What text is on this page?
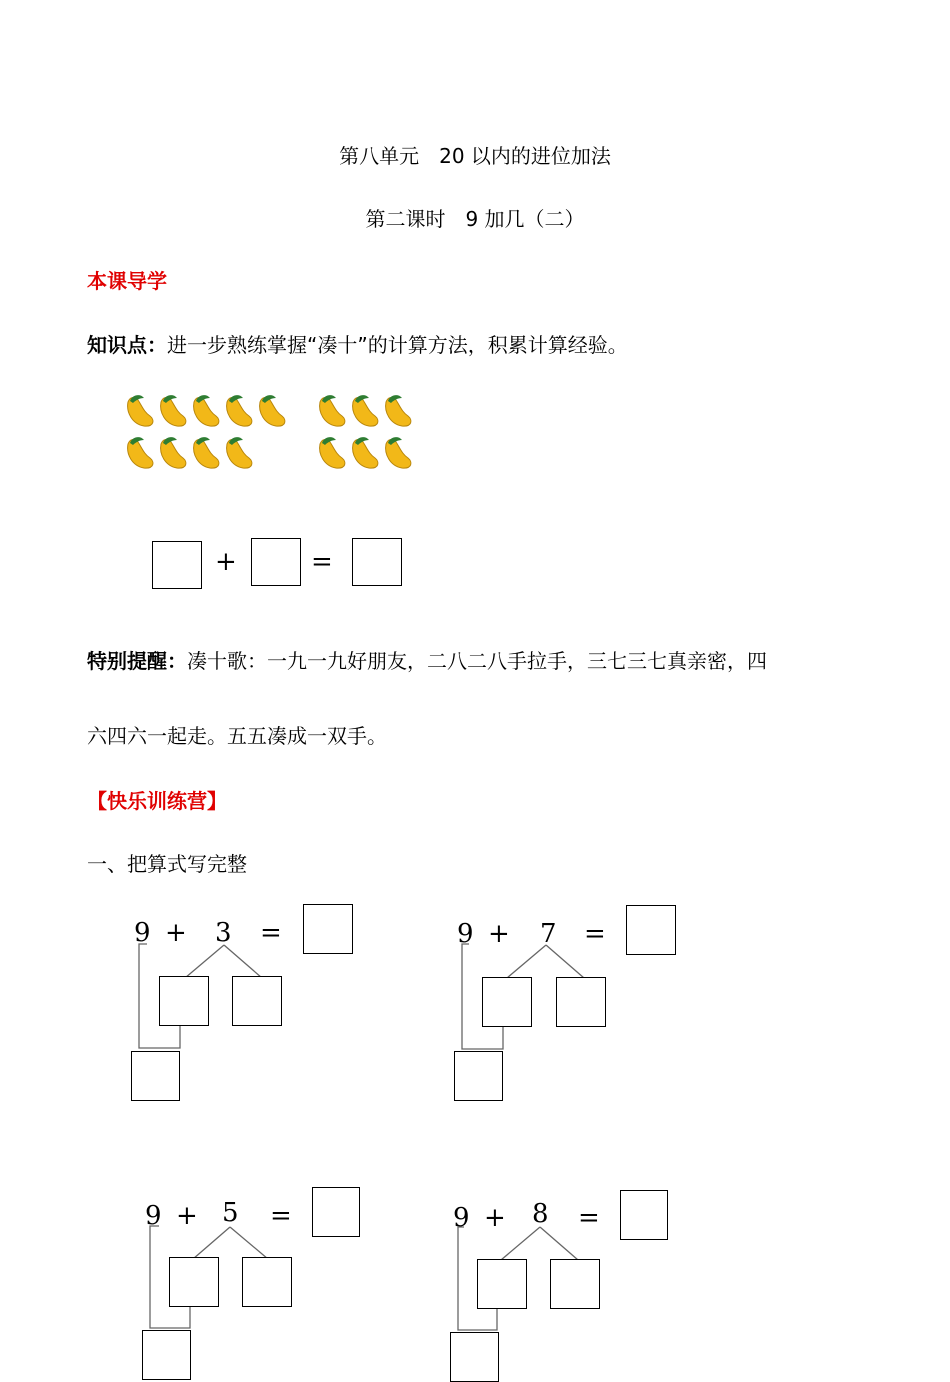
第八单元　20 以内的进位加法
第二课时　9 加几（二）
本课导学
知识点：进一步熟练掌握“凑十”的计算方法，积累计算经验。
+	=
特别提醒：凑十歌：一九一九好朋友，二八二八手拉手，三七三七真亲密，四
六四六一起走。五五凑成一双手。
【快乐训练营】
一、把算式写完整
9 + 3 =	9 + 7 =
9 + 5 =	9 + 8 =
